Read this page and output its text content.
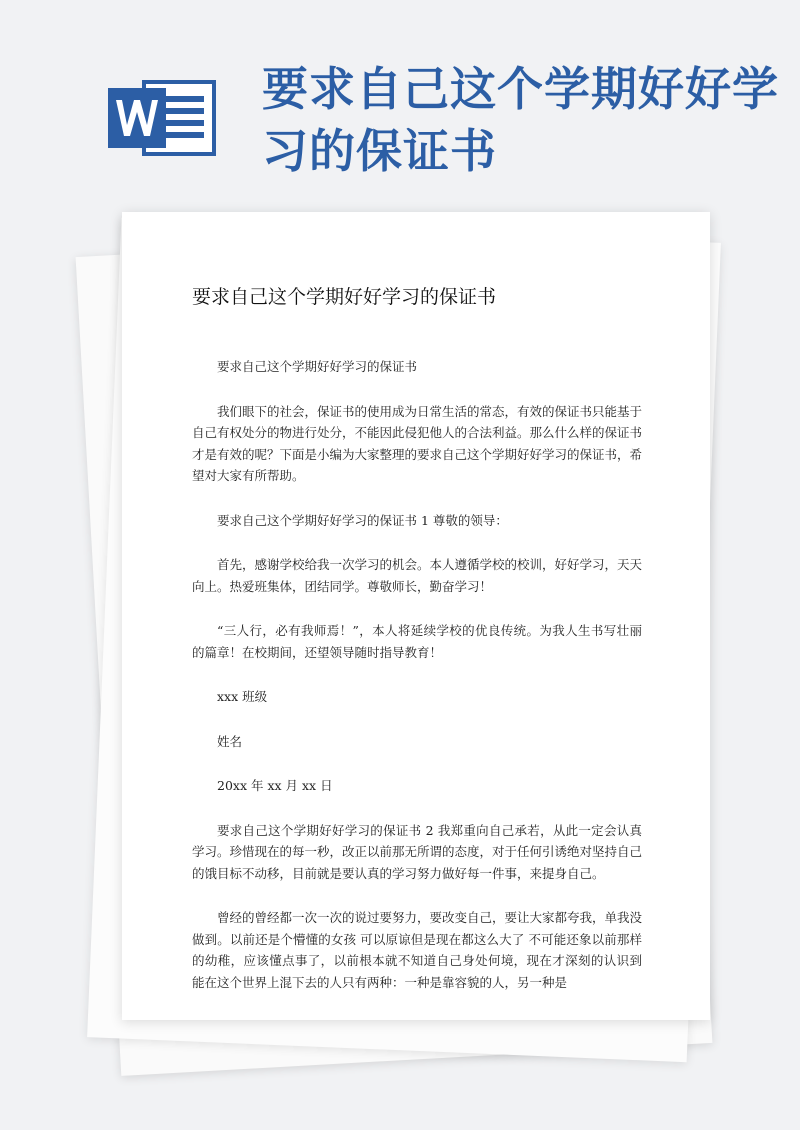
要求自己这个学期好好学习的保证书
要求自己这个学期好好学习的保证书

要求自己这个学期好好学习的保证书

我们眼下的社会，保证书的使用成为日常生活的常态，有效的保证书只能基于自己有权处分的物进行处分，不能因此侵犯他人的合法利益。那么什么样的保证书才是有效的呢？下面是小编为大家整理的要求自己这个学期好好学习的保证书，希望对大家有所帮助。

要求自己这个学期好好学习的保证书 1 尊敬的领导：

首先，感谢学校给我一次学习的机会。本人遵循学校的校训，好好学习，天天向上。热爱班集体，团结同学。尊敬师长，勤奋学习！

“三人行，必有我师焉！”，本人将延续学校的优良传统。为我人生书写壮丽的篇章！在校期间，还望领导随时指导教育！

xxx 班级

姓名

20xx 年 xx 月 xx 日

要求自己这个学期好好学习的保证书 2 我郑重向自己承若，从此一定会认真学习。珍惜现在的每一秒，改正以前那无所谓的态度，对于任何引诱绝对坚持自己的饿目标不动移，目前就是要认真的学习努力做好每一件事，来提身自己。

曾经的曾经都一次一次的说过要努力，要改变自己，要让大家都夸我，单我没做到。以前还是个懵懂的女孩 可以原谅但是现在都这么大了 不可能还象以前那样的幼稚，应该懂点事了，以前根本就不知道自己身处何境，现在才深刻的认识到 能在这个世界上混下去的人只有两种：一种是靠容貌的人，另一种是
